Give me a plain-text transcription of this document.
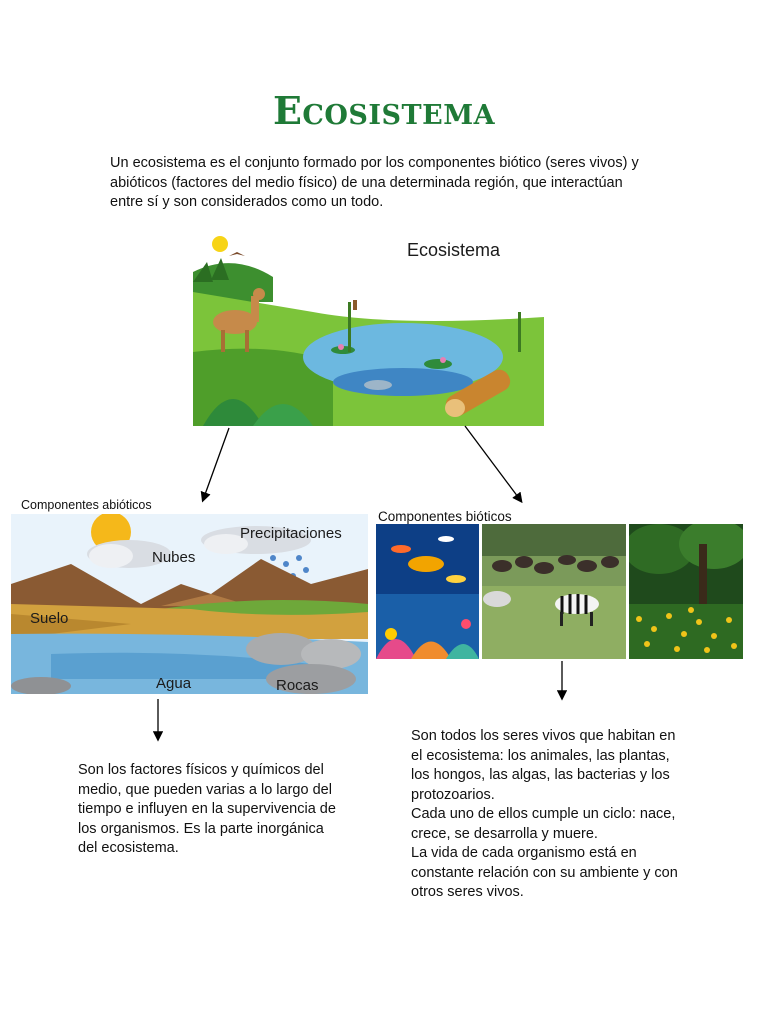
Ecosistema
Un ecosistema es el conjunto formado por los componentes biótico (seres vivos) y abióticos (factores del medio físico) de una determinada región, que interactúan entre sí y son considerados como un todo.
Ecosistema
Componentes abióticos
Nubes
Precipitaciones
Suelo
Agua	Rocas
Componentes bióticos
Son los factores físicos y químicos del medio, que pueden varias a lo largo del tiempo e influyen en la supervivencia de los organismos. Es la parte inorgánica del ecosistema.
Son todos los seres vivos que habitan en
el ecosistema: los animales, las plantas,
los hongos, las algas, las bacterias y los
protozoarios.
Cada uno de ellos cumple un ciclo: nace,
crece, se desarrolla y muere.
La vida de cada organismo está en
constante relación con su ambiente y con
otros seres vivos.
